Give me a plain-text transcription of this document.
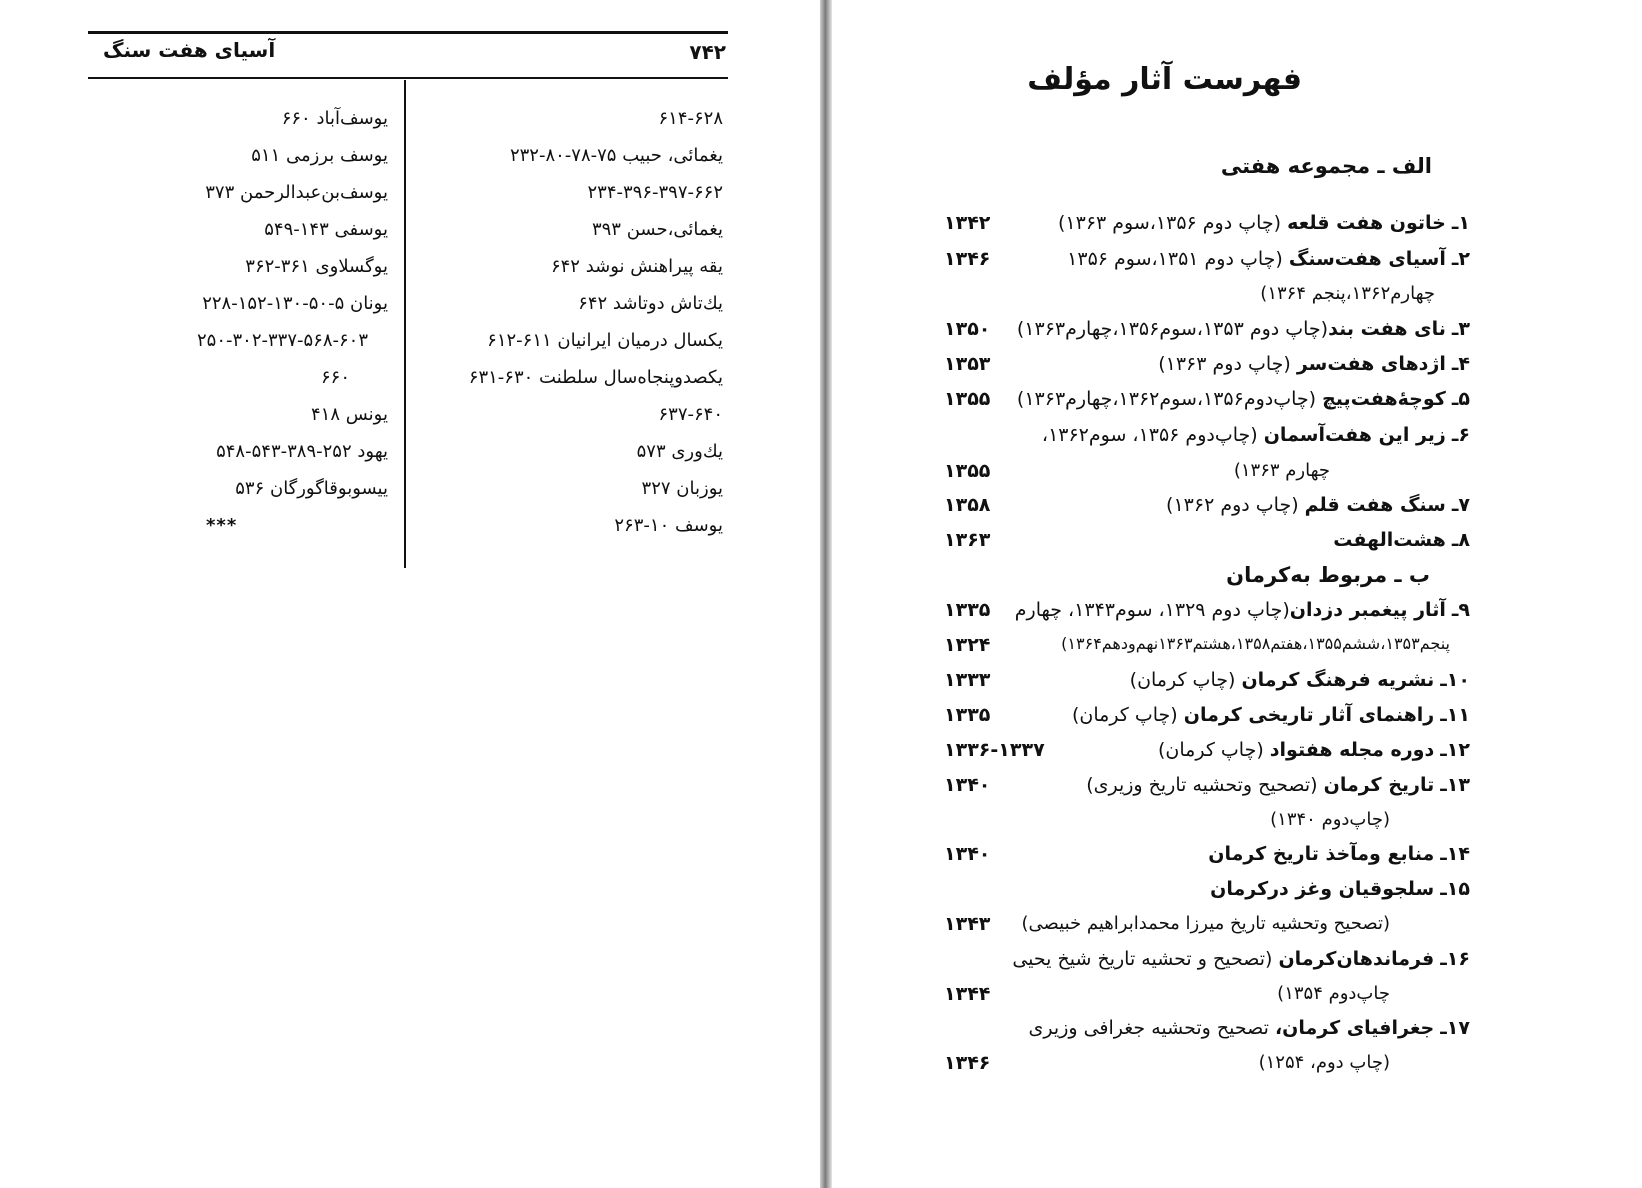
۷۴۲
آسیای هفت سنگ
۶۱۴-۶۲۸
یغمائی، حبیب ۷۵-۷۸-۸۰-۲۳۲
۲۳۴-۳۹۶-۳۹۷-۶۶۲
یغمائی،حسن ۳۹۳
یقه پیراهنش نوشد ۶۴۲
یك‌تاش دوتاشد ۶۴۲
یکسال درمیان ایرانیان ۶۱۱-۶۱۲
یکصدوپنجاه‌سال سلطنت ۶۳۰-۶۳۱
۶۳۷-۶۴۰
یك‌وری ۵۷۳
یوزبان ۳۲۷
یوسف ۱۰-۲۶۳
یوسف‌آباد ۶۶۰
یوسف برزمی ۵۱۱
یوسف‌بن‌عبدالرحمن ۳۷۳
یوسفی ۱۴۳-۵۴۹
یوگسلاوی ۳۶۱-۳۶۲
یونان ۵-۵۰-۱۳۰-۱۵۲-۲۲۸
۲۵۰-۳۰۲-۳۳۷-۵۶۸-۶۰۳
۶۶۰
یونس ۴۱۸
یهود ۲۵۲-۳۸۹-۵۴۳-۵۴۸
ییسوبوقاگورگان ۵۳۶
***
فهرست آثار مؤلف
الف ـ مجموعه هفتی
۱ـ خاتون هفت قلعه (چاپ دوم ۱۳۵۶،سوم ۱۳۶۳)
۱۳۴۲
۲ـ آسیای هفت‌سنگ (چاپ دوم ۱۳۵۱،سوم ۱۳۵۶
۱۳۴۶
چهارم۱۳۶۲،پنجم ۱۳۶۴)
۳ـ نای هفت بند(چاپ دوم ۱۳۵۳،سوم۱۳۵۶،چهارم۱۳۶۳)
۱۳۵۰
۴ـ اژدهای هفت‌سر (چاپ دوم ۱۳۶۳)
۱۳۵۳
۵ـ کوچهٔ‌هفت‌پیچ (چاپ‌دوم۱۳۵۶،سوم۱۳۶۲،چهارم۱۳۶۳)
۱۳۵۵
۶ـ زیر این هفت‌آسمان (چاپ‌دوم ۱۳۵۶، سوم۱۳۶۲،
چهارم ۱۳۶۳)
۱۳۵۵
۷ـ سنگ هفت قلم (چاپ دوم ۱۳۶۲)
۱۳۵۸
۸ـ هشت‌الهفت
۱۳۶۳
ب ـ مربوط به‌کرمان
۹ـ آثار پیغمبر دزدان(چاپ دوم ۱۳۲۹، سوم۱۳۴۳، چهارم
۱۳۳۵
پنجم۱۳۵۳،ششم۱۳۵۵،هفتم۱۳۵۸،هشتم۱۳۶۳نهم‌ودهم۱۳۶۴)
۱۳۲۴
۱۰ـ نشریه فرهنگ کرمان (چاپ کرمان)
۱۳۳۳
۱۱ـ راهنمای آثار تاریخی کرمان (چاپ کرمان)
۱۳۳۵
۱۲ـ دوره مجله هفتواد (چاپ کرمان)
۱۳۳۶-۱۳۳۷
۱۳ـ تاریخ کرمان (تصحیح وتحشیه تاریخ وزیری)
۱۳۴۰
(چاپ‌دوم ۱۳۴۰)
۱۴ـ منابع ومآخذ تاریخ کرمان
۱۳۴۰
۱۵ـ سلجوقیان وغز درکرمان
(تصحیح وتحشیه تاریخ میرزا محمدابراهیم خبیصی)
۱۳۴۳
۱۶ـ فرماندهان‌کرمان (تصحیح و تحشیه تاریخ شیخ یحیی
چاپ‌دوم ۱۳۵۴)
۱۳۴۴
۱۷ـ جغرافیای کرمان، تصحیح وتحشیه جغرافی وزیری
(چاپ دوم، ۱۲۵۴)
۱۳۴۶
